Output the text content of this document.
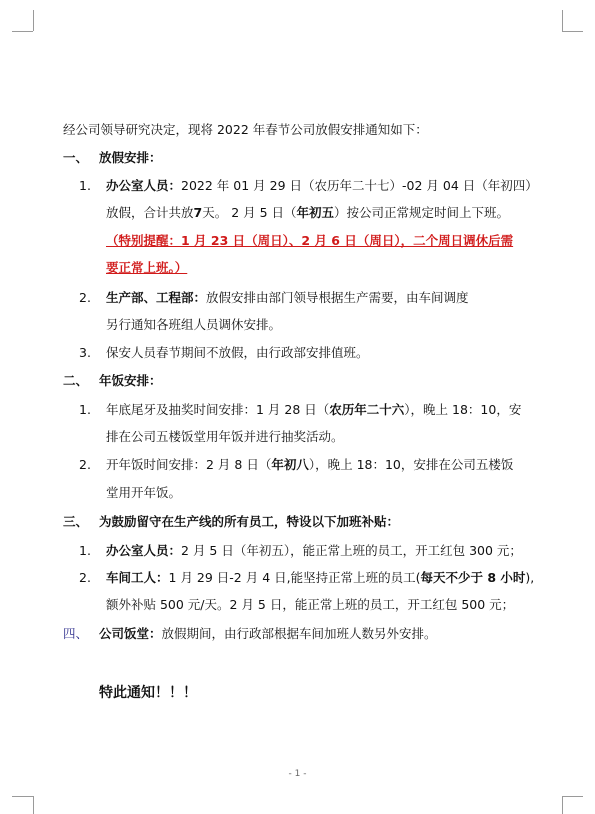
经公司领导研究决定，现将 2022 年春节公司放假安排通知如下：
一、 放假安排：
1. 办公室人员：2022 年 01 月 29 日（农历年二十七）-02 月 04 日（年初四）
放假，合计共放7天。 2 月 5 日（年初五）按公司正常规定时间上下班。
（特别提醒：1 月 23 日（周日）、2 月 6 日（周日），二个周日调休后需
要正常上班。）
2. 生产部、工程部：放假安排由部门领导根据生产需要，由车间调度
另行通知各班组人员调休安排。
3. 保安人员春节期间不放假，由行政部安排值班。
二、 年饭安排：
1. 年底尾牙及抽奖时间安排：1 月 28 日（农历年二十六），晚上 18：10，安
排在公司五楼饭堂用年饭并进行抽奖活动。
2. 开年饭时间安排：2 月 8 日（年初八），晚上 18：10，安排在公司五楼饭
堂用开年饭。
三、 为鼓励留守在生产线的所有员工，特设以下加班补贴：
1. 办公室人员：2 月 5 日（年初五），能正常上班的员工，开工红包 300 元；
2. 车间工人：1 月 29 日-2 月 4 日,能坚持正常上班的员工(每天不少于 8 小时),
额外补贴 500 元/天。2 月 5 日，能正常上班的员工，开工红包 500 元；
四、 公司饭堂：放假期间，由行政部根据车间加班人数另外安排。
特此通知！！！
- 1 -
